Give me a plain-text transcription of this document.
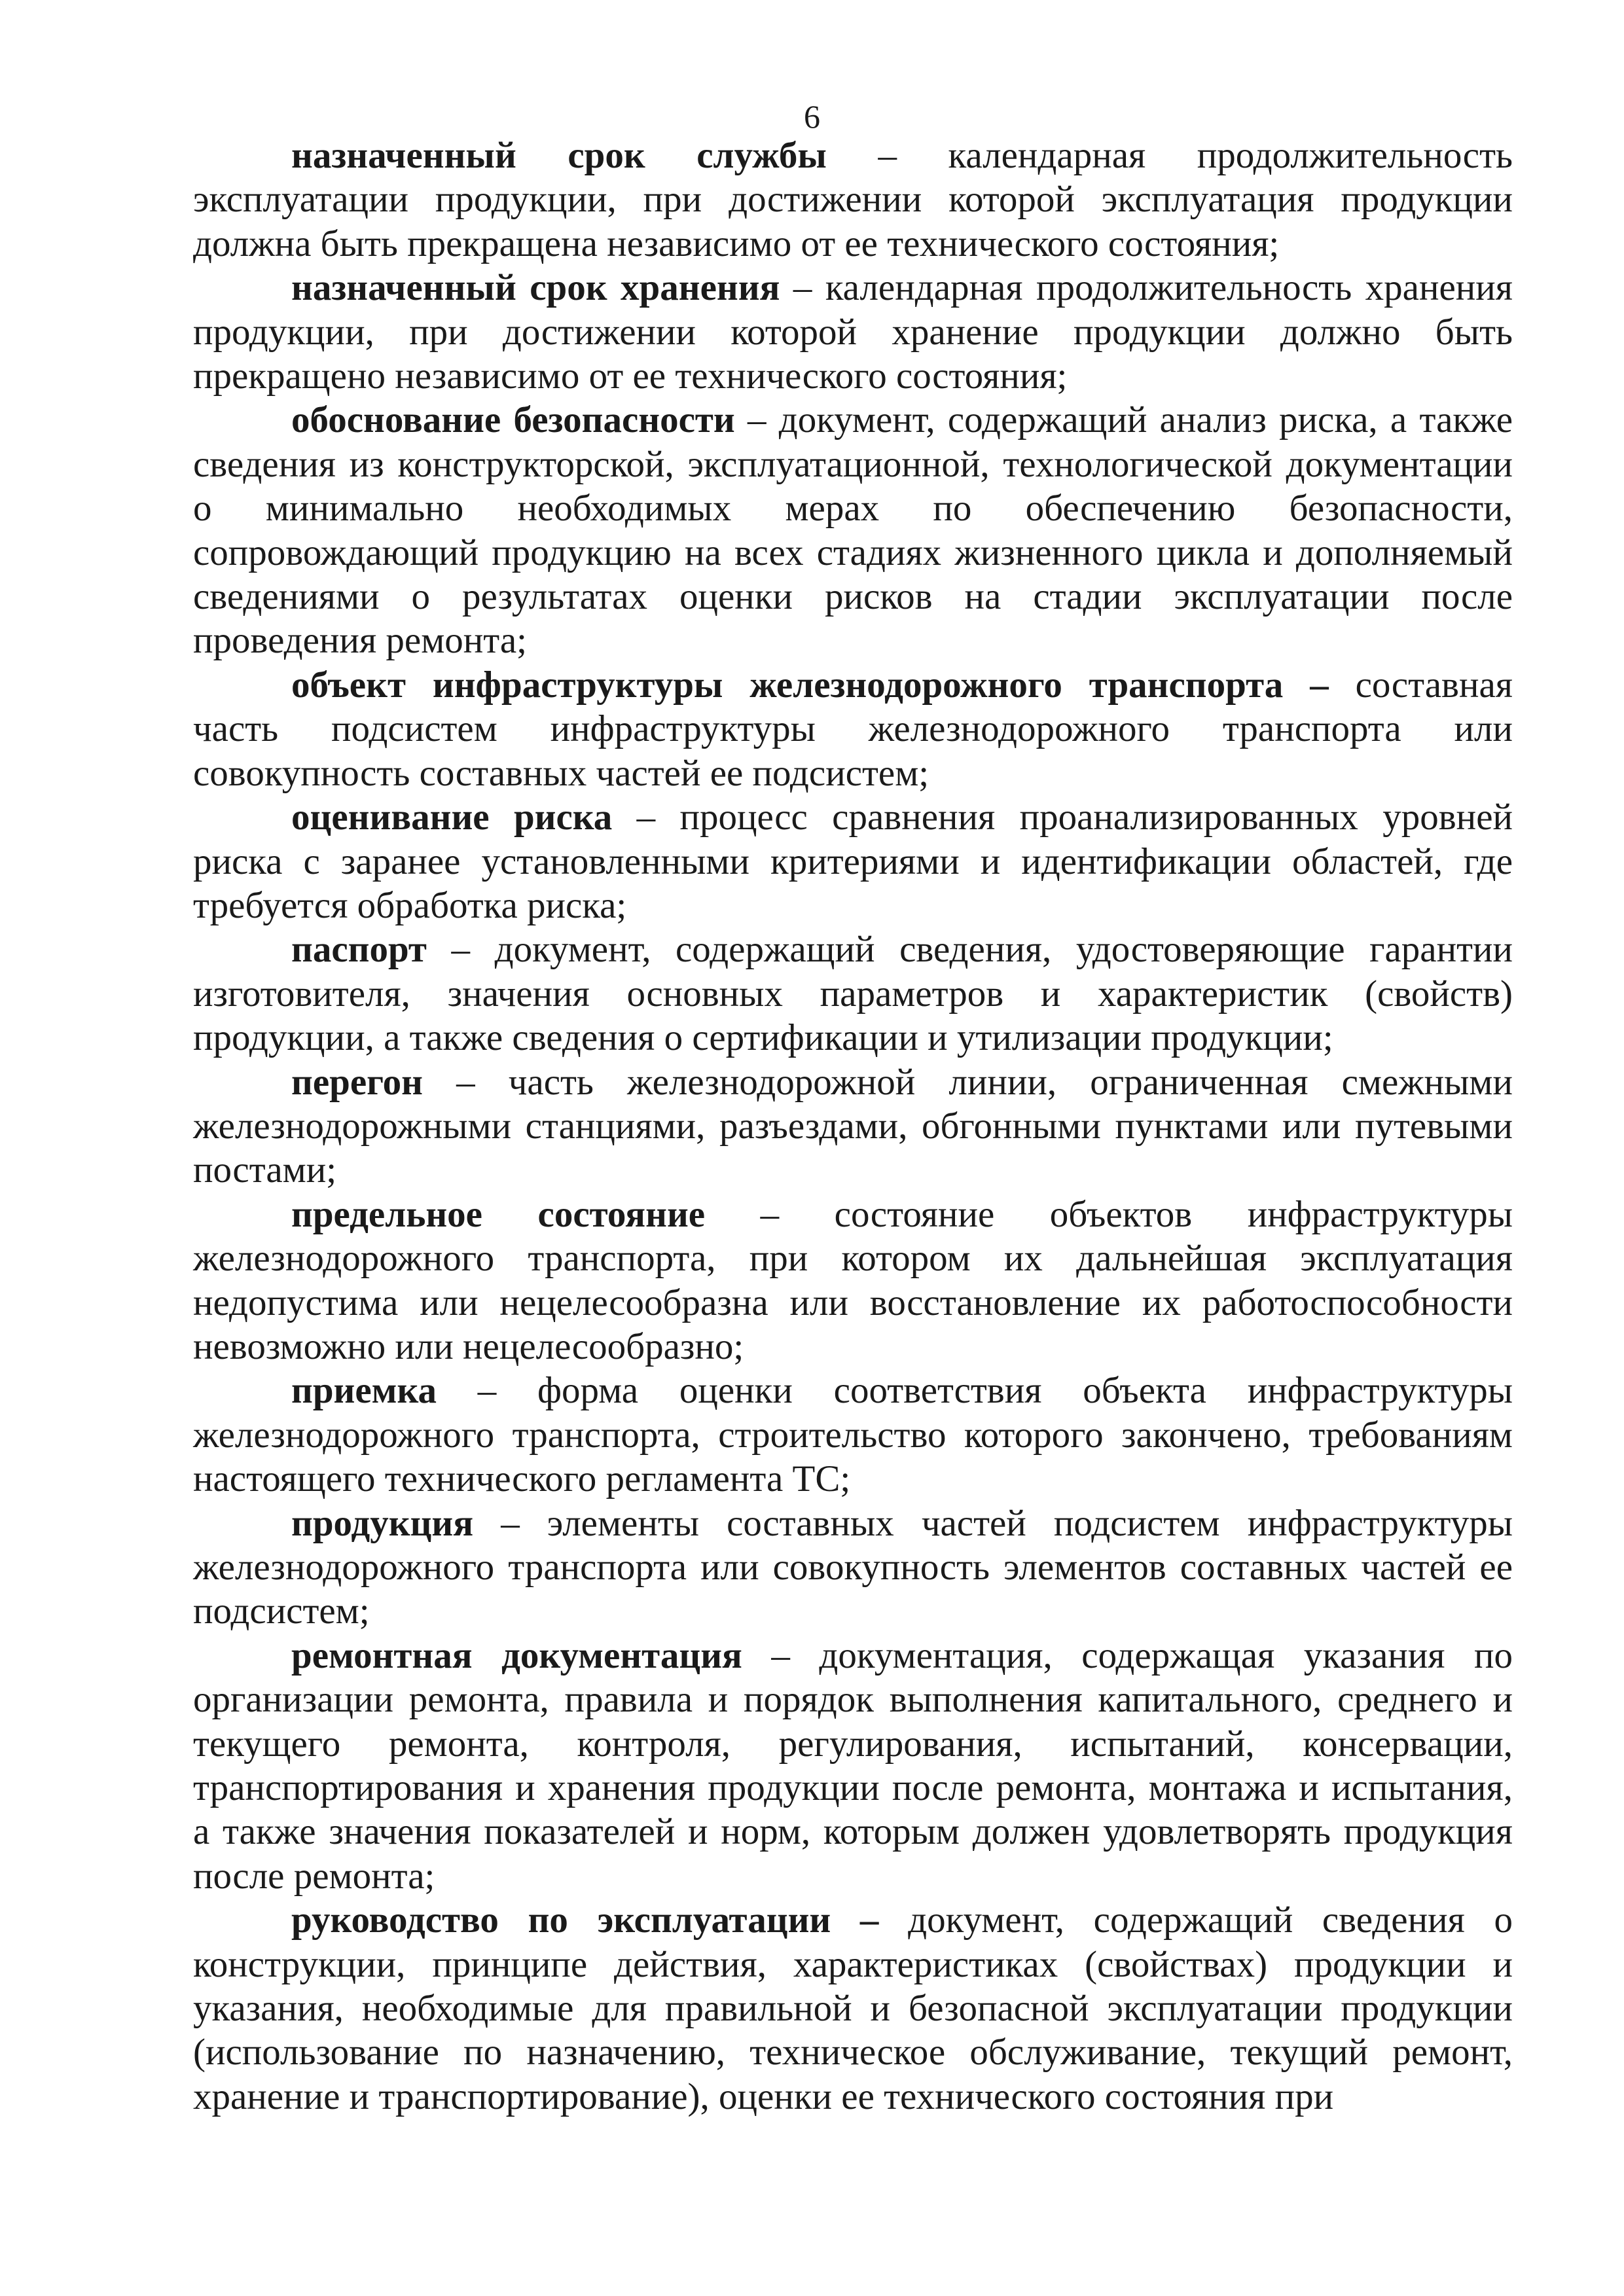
6

назначенный срок службы – календарная продолжительность эксплуатации продукции, при достижении которой эксплуатация продукции должна быть прекращена независимо от ее технического состояния;

назначенный срок хранения – календарная продолжительность хранения продукции, при достижении которой хранение продукции должно быть прекращено независимо от ее технического состояния;

обоснование безопасности – документ, содержащий анализ риска, а также сведения из конструкторской, эксплуатационной, технологической документации о минимально необходимых мерах по обеспечению безопасности, сопровождающий продукцию на всех стадиях жизненного цикла и дополняемый сведениями о результатах оценки рисков на стадии эксплуатации после проведения ремонта;

объект инфраструктуры железнодорожного транспорта – составная часть подсистем инфраструктуры железнодорожного транспорта или совокупность составных частей ее подсистем;

оценивание риска – процесс сравнения проанализированных уровней риска с заранее установленными критериями и идентификации областей, где требуется обработка риска;

паспорт – документ, содержащий сведения, удостоверяющие гарантии изготовителя, значения основных параметров и характеристик (свойств) продукции, а также сведения о сертификации и утилизации продукции;

перегон – часть железнодорожной линии, ограниченная смежными железнодорожными станциями, разъездами, обгонными пунктами или путевыми постами;

предельное состояние – состояние объектов инфраструктуры железнодорожного транспорта, при котором их дальнейшая эксплуатация недопустима или нецелесообразна или восстановление их работоспособности невозможно или нецелесообразно;

приемка – форма оценки соответствия объекта инфраструктуры железнодорожного транспорта, строительство которого закончено, требованиям настоящего технического регламента ТС;

продукция – элементы составных частей подсистем инфраструктуры железнодорожного транспорта или совокупность элементов составных частей ее подсистем;

ремонтная документация – документация, содержащая указания по организации ремонта, правила и порядок выполнения капитального, среднего и текущего ремонта, контроля, регулирования, испытаний, консервации, транспортирования и хранения продукции после ремонта, монтажа и испытания, а также значения показателей и норм, которым должен удовлетворять продукция после ремонта;

руководство по эксплуатации – документ, содержащий сведения о конструкции, принципе действия, характеристиках (свойствах) продукции и указания, необходимые для правильной и безопасной эксплуатации продукции (использование по назначению, техническое обслуживание, текущий ремонт, хранение и транспортирование), оценки ее технического состояния при
